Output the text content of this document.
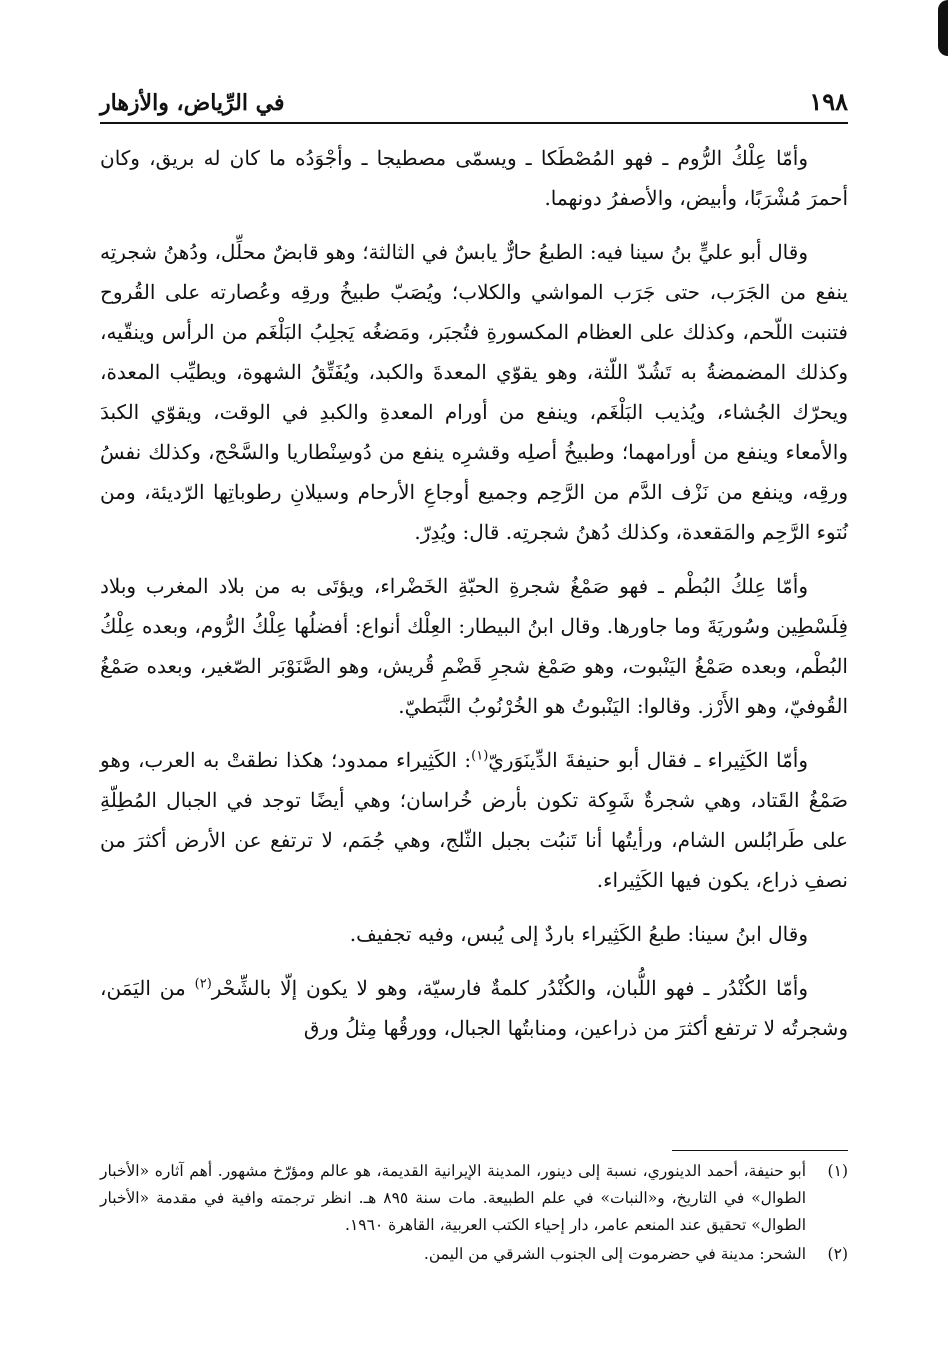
١٩٨
في الرِّياض، والأزهار

وأمّا عِلْكُ الرُّوم ـ فهو المُصْطَكا ـ ويسمّى مصطيجا ـ وأجْوَدُه ما كان له بريق، وكان أحمرَ مُشْرَبًا، وأبيض، والأصفرُ دونهما.

وقال أبو عليٍّ بنُ سينا فيه: الطبعُ حارٌّ يابسٌ في الثالثة؛ وهو قابضٌ محلِّل، ودُهنُ شجرتِه ينفع من الجَرَب، حتى جَرَب المواشي والكلاب؛ ويُصَبّ طبيخُ ورقِه وعُصارته على القُروح فتنبت اللّحم، وكذلك على العظام المكسورةِ فتُجبَر، ومَضغُه يَجلِبُ البَلْغَم من الرأس وينقّيه، وكذلك المضمضةُ به تَشُدّ اللّثة، وهو يقوّي المعدةَ والكبد، ويُفَتِّقُ الشهوة، ويطيِّب المعدة، ويحرّك الجُشاء، ويُذيب البَلْغَم، وينفع من أورام المعدةِ والكبدِ في الوقت، ويقوّي الكبدَ والأمعاء وينفع من أورامهما؛ وطبيخُ أصلِه وقشرِه ينفع من دُوسِنْطاريا والسَّحْج، وكذلك نفسُ ورقِه، وينفع من نَزْف الدَّم من الرَّحِم وجميع أوجاعِ الأرحام وسيلانِ رطوباتِها الرّديئة، ومن نُتوء الرَّحِم والمَقعدة، وكذلك دُهنُ شجرتِه. قال: ويُدِرّ.

وأمّا عِلكُ البُطْم ـ فهو صَمْغُ شجرةِ الحبّةِ الخَضْراء، ويؤتَى به من بلاد المغرب وبلاد فِلَسْطِين وسُوريَةَ وما جاورها. وقال ابنُ البيطار: العِلْك أنواع: أفضلُها عِلْكُ الرُّوم، وبعده عِلْكُ البُطْم، وبعده صَمْغُ اليَنْبوت، وهو صَمْغ شجرِ قَضْمِ قُريش، وهو الصَّنَوْبَر الصّغير، وبعده صَمْغُ القُوفيّ، وهو الأَرْز. وقالوا: اليَنْبوتُ هو الخُرْنُوبُ النَّبَطيّ.

وأمّا الكَثِيراء ـ فقال أبو حنيفةَ الدِّينَوَريّ$^{(١)}$: الكَثِيراء ممدود؛ هكذا نطقتْ به العرب، وهو صَمْغُ القَتاد، وهي شجرةٌ شَوِكة تكون بأرض خُراسان؛ وهي أيضًا توجد في الجبال المُطِلّةِ على طَرابُلس الشام، ورأيتُها أنا تَنبُت بجبل الثّلج، وهي جُمَم، لا ترتفع عن الأرض أكثرَ من نصفِ ذراع، يكون فيها الكَثِيراء.

وقال ابنُ سينا: طبعُ الكَثِيراء باردٌ إلى يُبس، وفيه تجفيف.

وأمّا الكُنْدُر ـ فهو اللُّبان، والكُنْدُر كلمةٌ فارسيّة، وهو لا يكون إلّا بالشِّحْر$^{(٢)}$ من اليَمَن، وشجرتُه لا ترتفع أكثرَ من ذراعين، ومنابتُها الجبال، وورقُها مِثلُ ورق

(١)
أبو حنيفة، أحمد الدينوري، نسبة إلى دينور، المدينة الإيرانية القديمة، هو عالم ومؤرّخ مشهور. أهم آثاره «الأخبار الطوال» في التاريخ، و«النبات» في علم الطبيعة. مات سنة ٨٩٥ هـ. انظر ترجمته وافية في مقدمة «الأخبار الطوال» تحقيق عند المنعم عامر، دار إحياء الكتب العربية، القاهرة ١٩٦٠.
(٢)
الشحر: مدينة في حضرموت إلى الجنوب الشرقي من اليمن.
